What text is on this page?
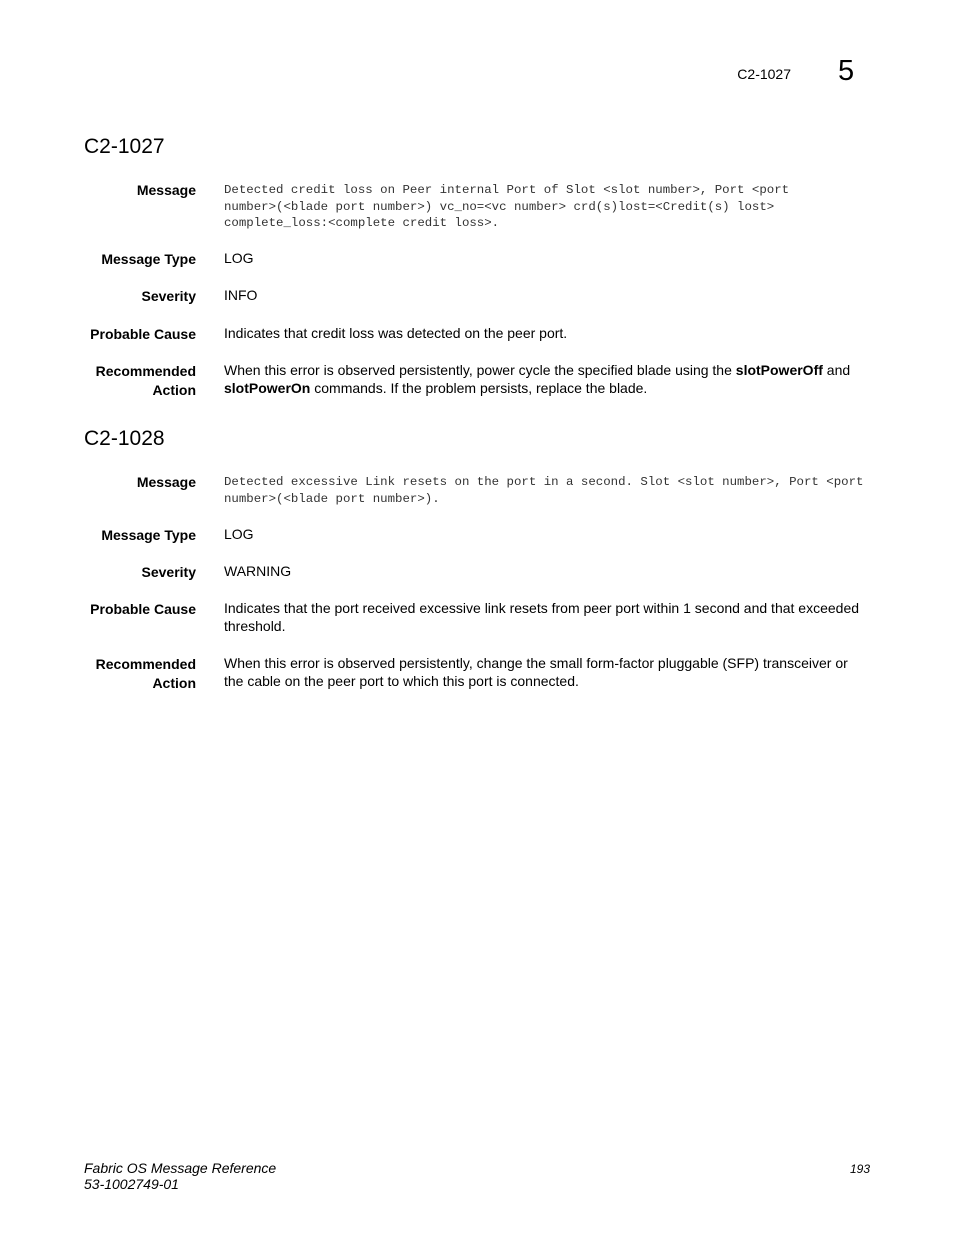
C2-1027 5
C2-1027
Message Detected credit loss on Peer internal Port of Slot <slot number>, Port <port number>(<blade port number>) vc_no=<vc number> crd(s)lost=<Credit(s) lost> complete_loss:<complete credit loss>.
Message Type LOG
Severity INFO
Probable Cause Indicates that credit loss was detected on the peer port.
Recommended
Action
When this error is observed persistently, power cycle the specified blade using the slotPowerOff and slotPowerOn commands. If the problem persists, replace the blade.
C2-1028
Message Detected excessive Link resets on the port in a second. Slot <slot number>, Port <port number>(<blade port number>).
Message Type LOG
Severity WARNING
Probable Cause Indicates that the port received excessive link resets from peer port within 1 second and that exceeded threshold.
Recommended
Action
When this error is observed persistently, change the small form-factor pluggable (SFP) transceiver or the cable on the peer port to which this port is connected.
Fabric OS Message Reference
53-1002749-01
193
